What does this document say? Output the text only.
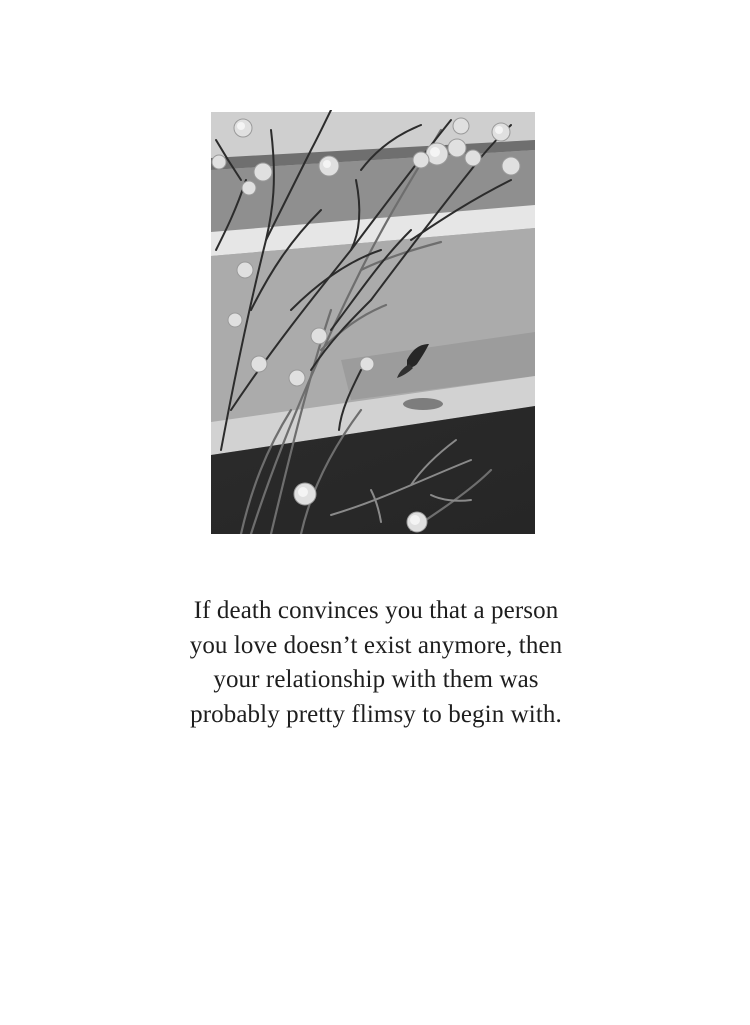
If death convinces you that a person
you love doesn’t exist anymore, then
your relationship with them was
probably pretty flimsy to begin with.
